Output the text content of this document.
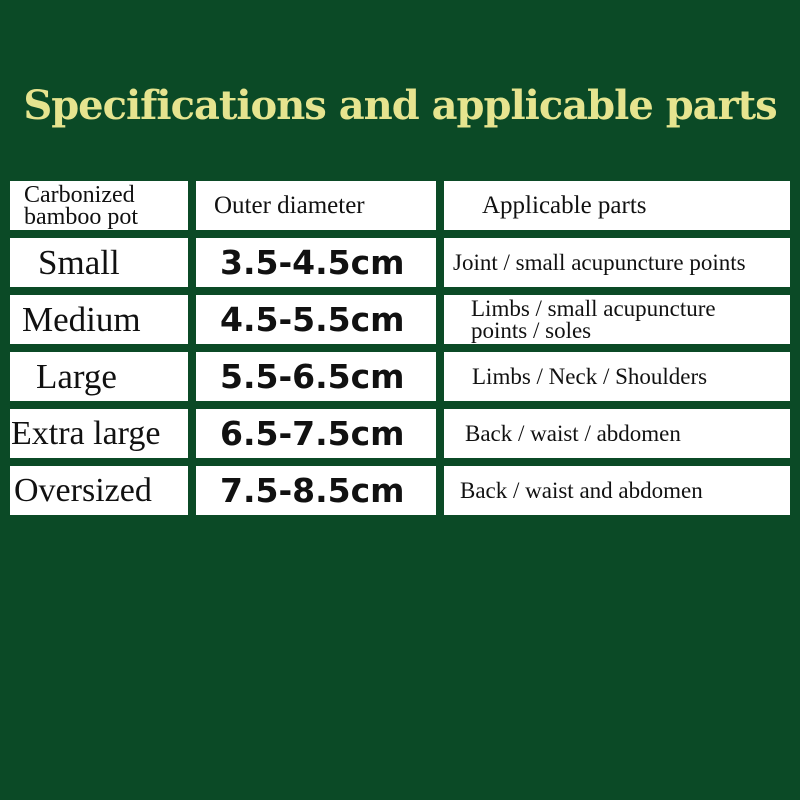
Specifications and applicable parts
Carbonized bamboo pot	Outer diameter	Applicable parts
Small	3.5-4.5cm Joint / small acupuncture points
Medium 4.5-5.5cm	Limbs / small acupuncture points / soles
Large	5.5-6.5cm	Limbs / Neck / Shoulders
Extra large 6.5-7.5cm	Back / waist / abdomen
Oversized 7.5-8.5cm Back / waist and abdomen
